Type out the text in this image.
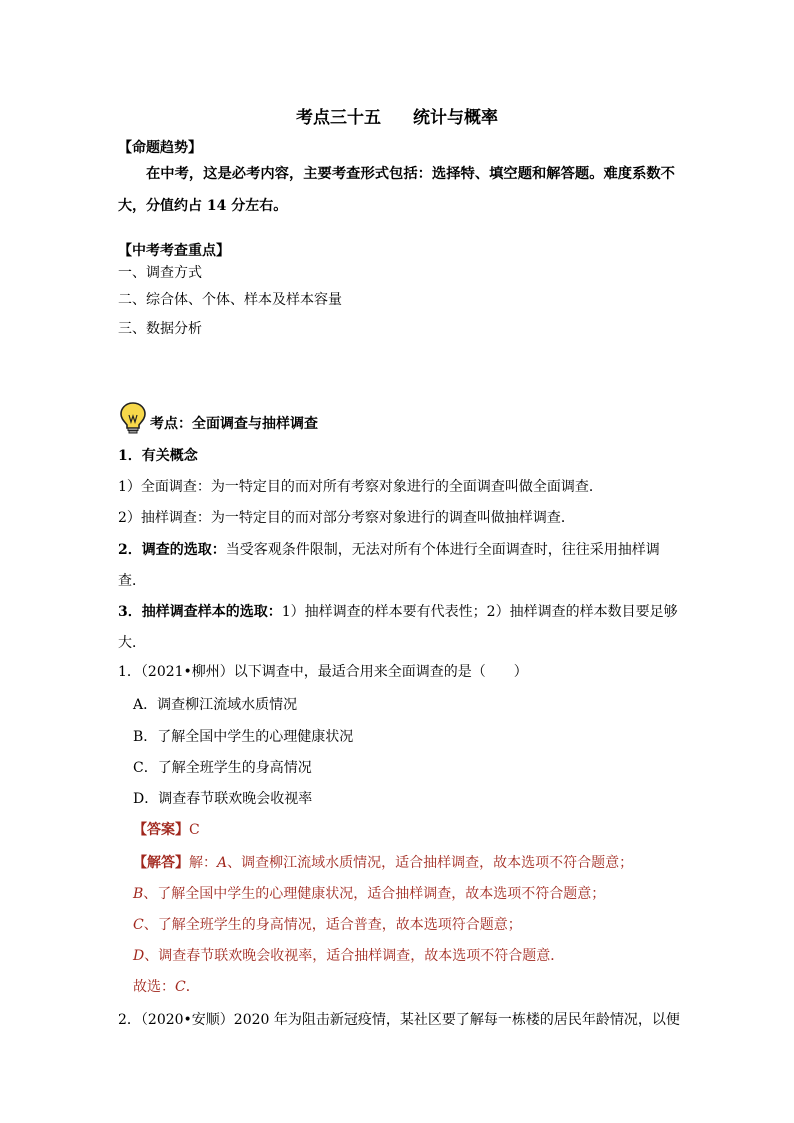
考点三十五 统计与概率
【命题趋势】
在中考，这是必考内容，主要考查形式包括：选择特、填空题和解答题。难度系数不
大，分值约占 14 分左右。
【中考考查重点】
一、调查方式
二、综合体、个体、样本及样本容量
三、数据分析
考点：全面调查与抽样调查
1．有关概念
1）全面调查：为一特定目的而对所有考察对象进行的全面调查叫做全面调查．
2）抽样调查：为一特定目的而对部分考察对象进行的调查叫做抽样调查．
2．调查的选取：当受客观条件限制，无法对所有个体进行全面调查时，往往采用抽样调
查．
3．抽样调查样本的选取：1）抽样调查的样本要有代表性；2）抽样调查的样本数目要足够
大．
1．（2021•柳州）以下调查中，最适合用来全面调查的是（　　）
A．调查柳江流域水质情况
B．了解全国中学生的心理健康状况
C．了解全班学生的身高情况
D．调查春节联欢晚会收视率
【答案】C
【解答】解：A、调查柳江流域水质情况，适合抽样调查，故本选项不符合题意；
B、了解全国中学生的心理健康状况，适合抽样调查，故本选项不符合题意；
C、了解全班学生的身高情况，适合普查，故本选项符合题意；
D、调查春节联欢晚会收视率，适合抽样调查，故本选项不符合题意．
故选：C．
2．（2020•安顺）2020 年为阻击新冠疫情，某社区要了解每一栋楼的居民年龄情况，以便
